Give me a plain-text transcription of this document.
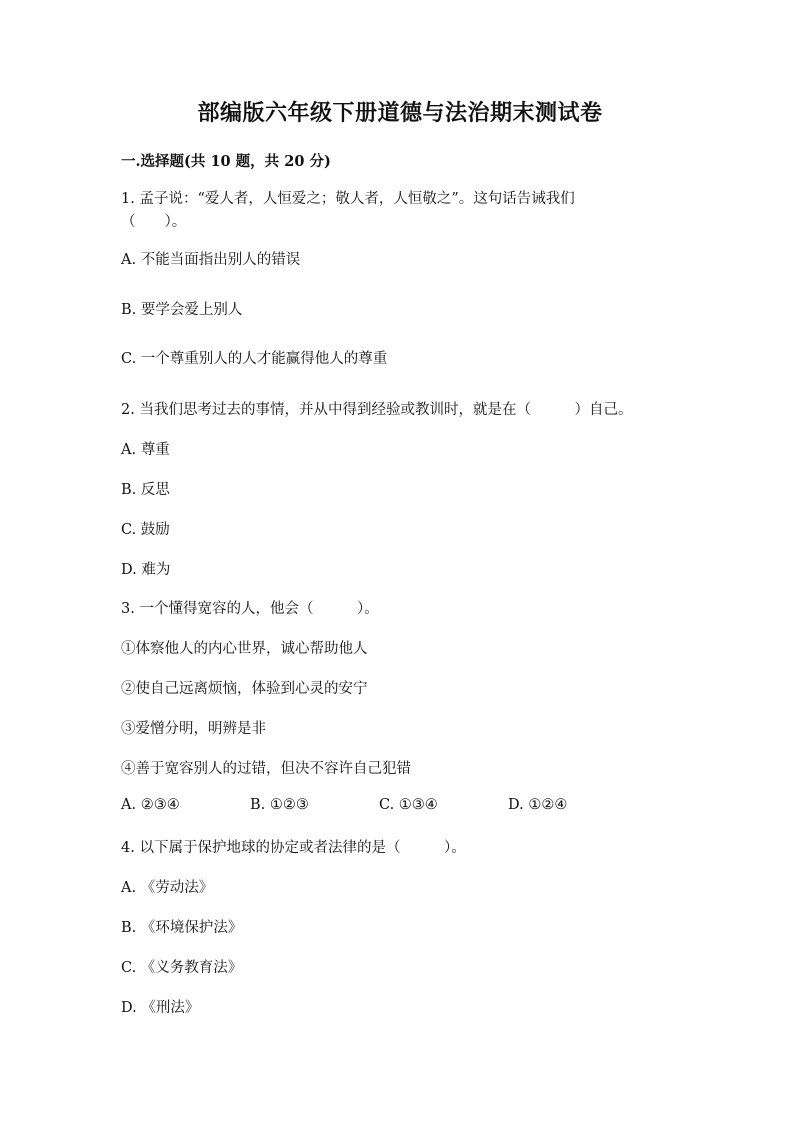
部编版六年级下册道德与法治期末测试卷
一.选择题(共 10 题，共 20 分)
1. 孟子说：“爱人者，人恒爱之；敬人者，人恒敬之”。这句话告诫我们
（　　）。
A. 不能当面指出别人的错误
B. 要学会爱上别人
C. 一个尊重别人的人才能赢得他人的尊重
2. 当我们思考过去的事情，并从中得到经验或教训时，就是在（　　　）自己。
A. 尊重
B. 反思
C. 鼓励
D. 难为
3. 一个懂得宽容的人，他会（　　　）。
①体察他人的内心世界，诚心帮助他人
②使自己远离烦恼，体验到心灵的安宁
③爱憎分明，明辨是非
④善于宽容别人的过错，但决不容许自己犯错
A. ②③④	B. ①②③	C. ①③④	D. ①②④
4. 以下属于保护地球的协定或者法律的是（　　　）。
A. 《劳动法》
B. 《环境保护法》
C. 《义务教育法》
D. 《刑法》
